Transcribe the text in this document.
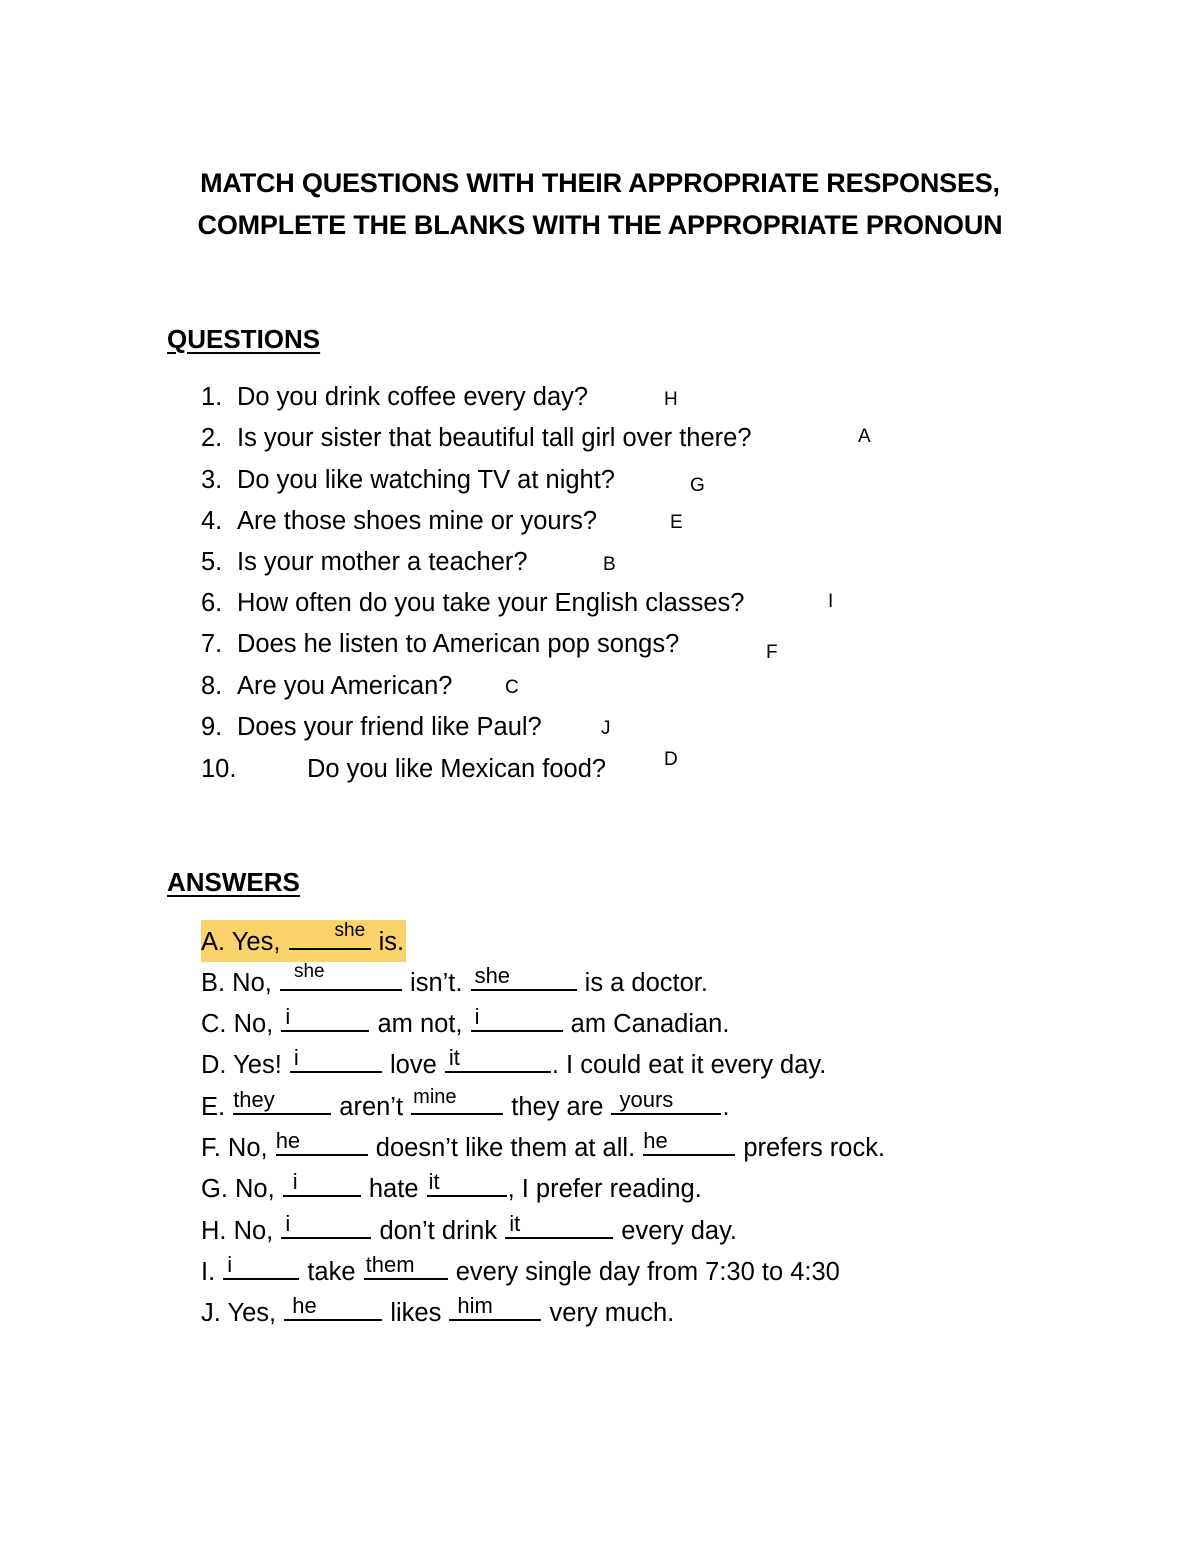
MATCH QUESTIONS WITH THEIR APPROPRIATE RESPONSES,
COMPLETE THE BLANKS WITH THE APPROPRIATE PRONOUN
QUESTIONS
1. Do you drink coffee every day?	H
2. Is your sister that beautiful tall girl over there?	A
3. Do you like watching TV at night?	G
4. Are those shoes mine or yours?	E
5. Is your mother a teacher?	B
6. How often do you take your English classes?	I
7. Does he listen to American pop songs?	F
8. Are you American?	C
9. Does your friend like Paul?	J
10.	Do you like Mexican food?	D
ANSWERS
A. Yes, she is.
B. No, she	isn’t. she	is a doctor.
C. No, i	am not, i	am Canadian.
D. Yes! i	love it	. I could eat it every day.
E. they aren’t mine they are yours .
F. No, he	doesn’t like them at all. he	prefers rock.
G. No, i	hate it	, I prefer reading.
H. No, i	don’t drink it	every day.
I. i	take them every single day from 7:30 to 4:30
J. Yes, he	likes him very much.
